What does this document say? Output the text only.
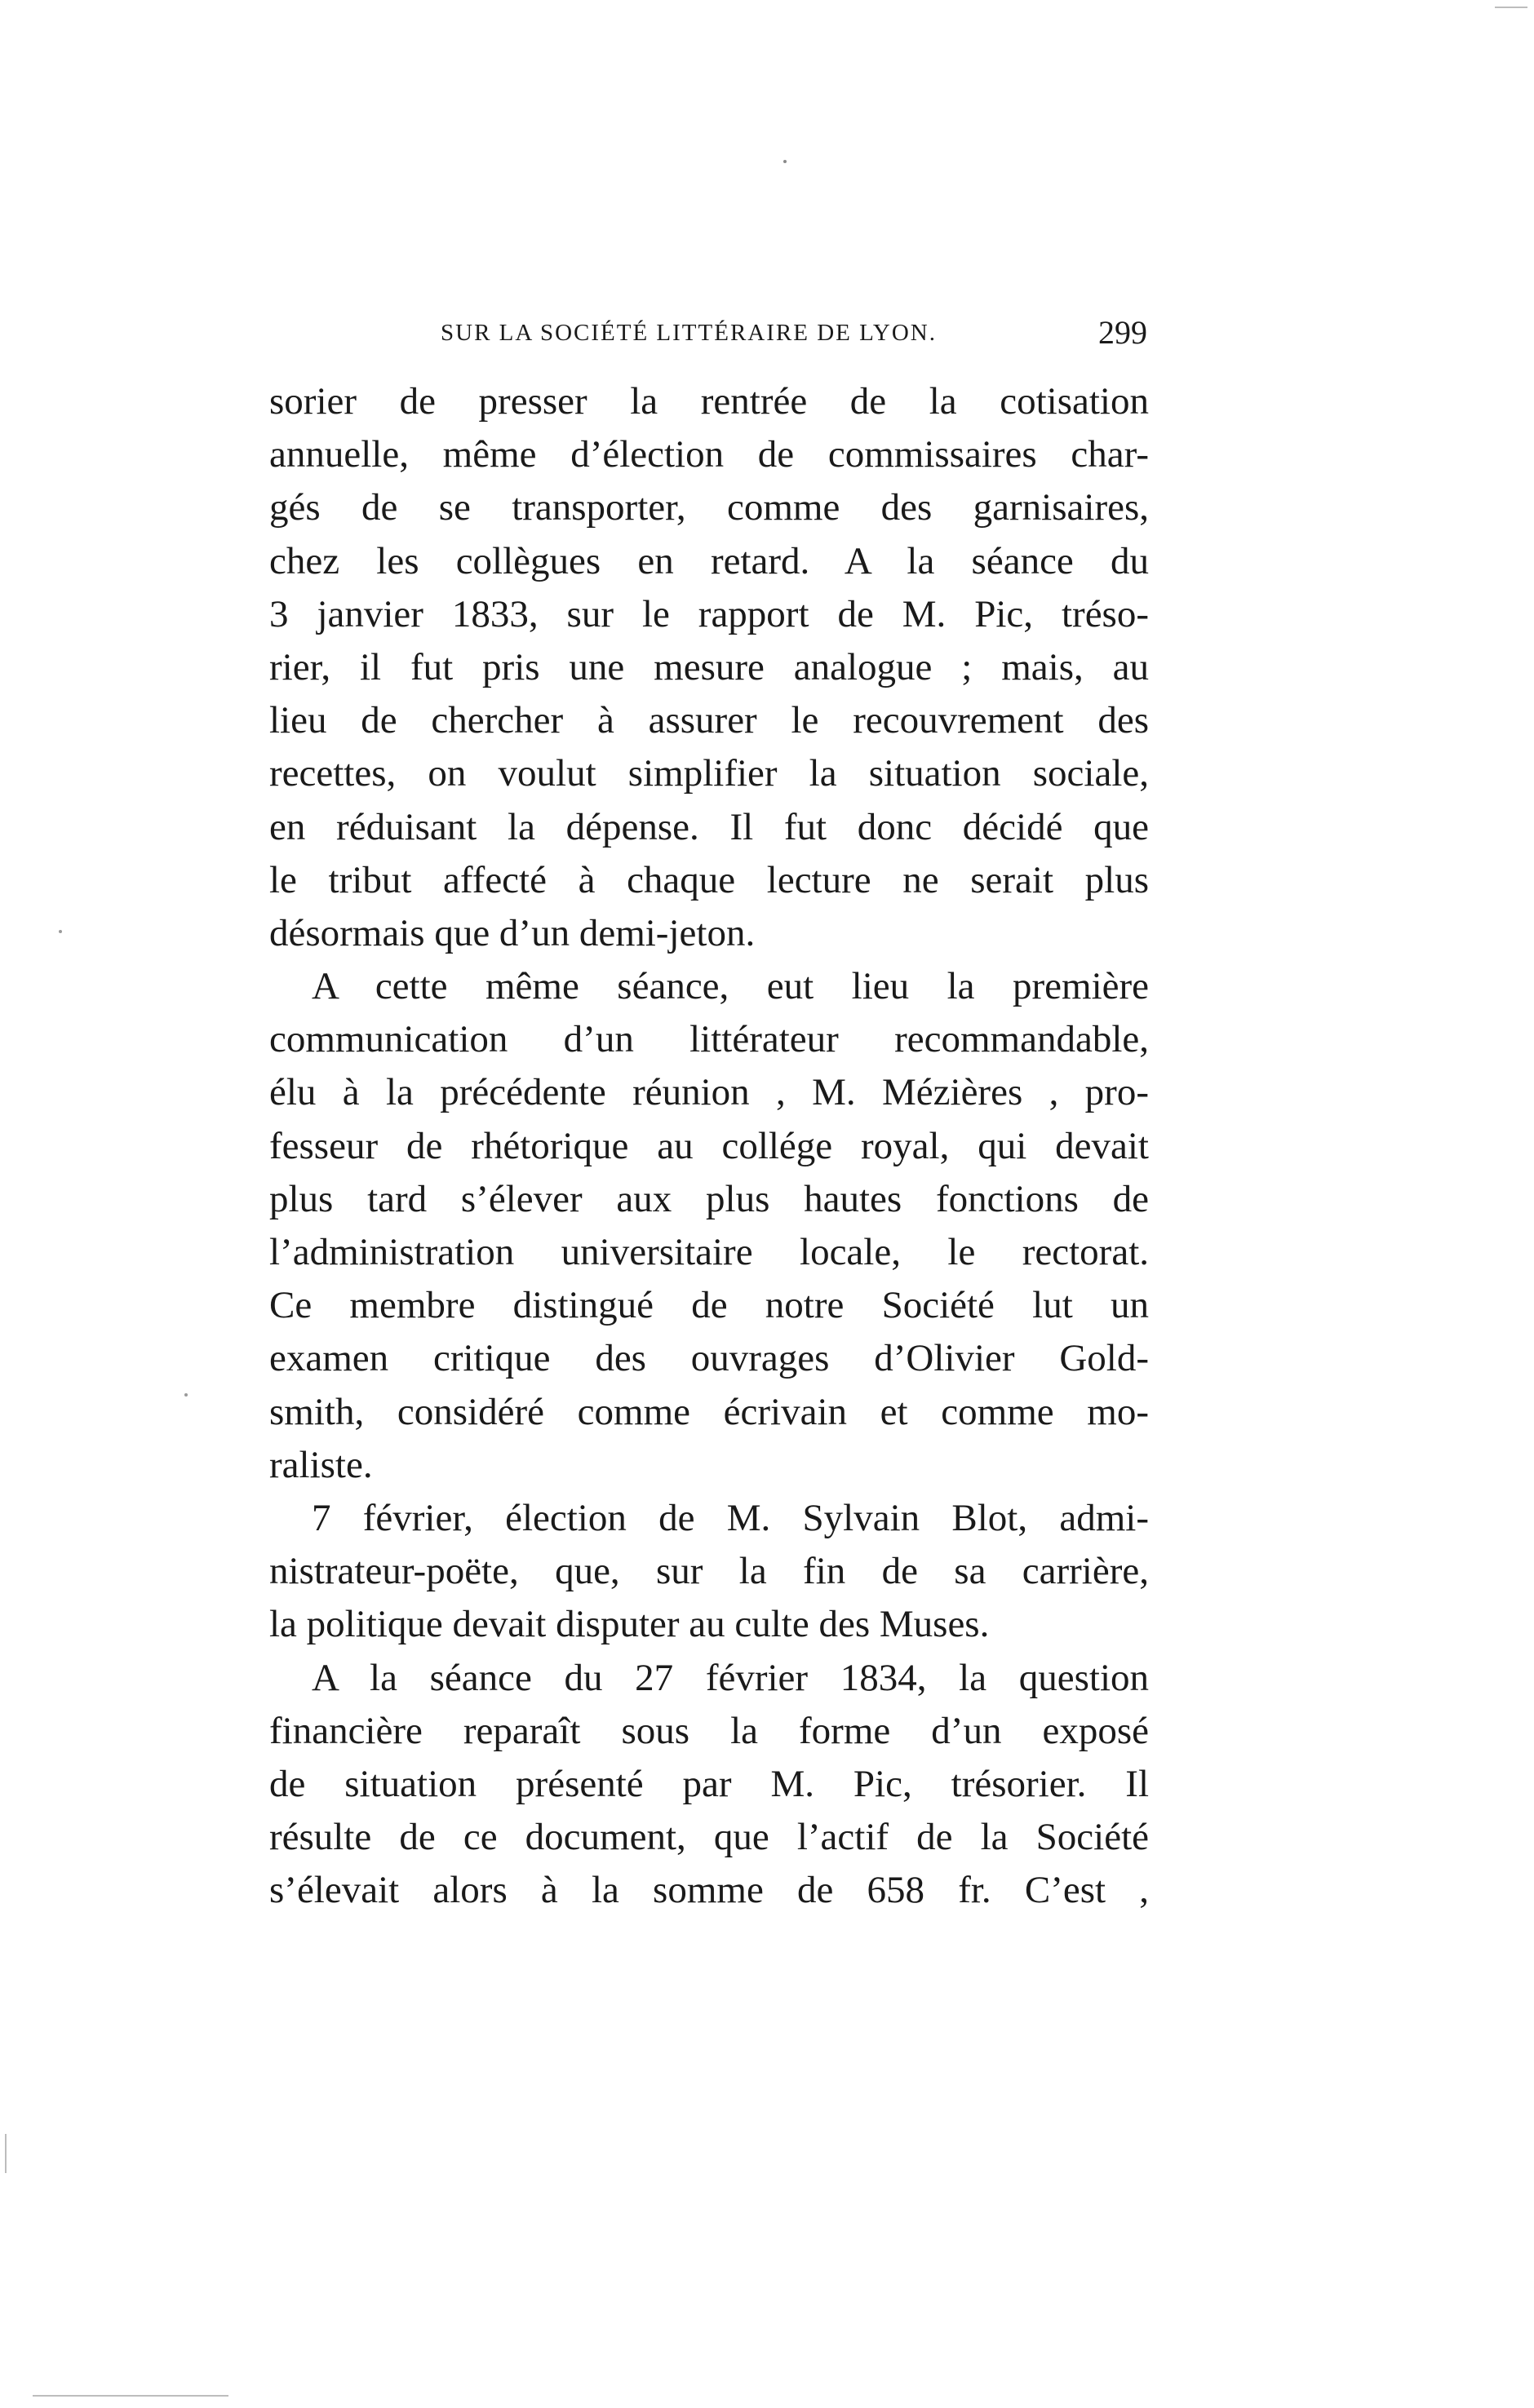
SUR LA SOCIÉTÉ LITTÉRAIRE DE LYON.	299
sorier de presser la rentrée de la cotisation
annuelle, même d’élection de commissaires char-
gés de se transporter, comme des garnisaires,
chez les collègues en retard. A la séance du
3 janvier 1833, sur le rapport de M. Pic, tréso-
rier, il fut pris une mesure analogue ; mais, au
lieu de chercher à assurer le recouvrement des
recettes, on voulut simplifier la situation sociale,
en réduisant la dépense. Il fut donc décidé que
le tribut affecté à chaque lecture ne serait plus
désormais que d’un demi-jeton.
A cette même séance, eut lieu la première
communication d’un littérateur recommandable,
élu à la précédente réunion , M. Mézières , pro-
fesseur de rhétorique au collége royal, qui devait
plus tard s’élever aux plus hautes fonctions de
l’administration universitaire locale, le rectorat.
Ce membre distingué de notre Société lut un
examen critique des ouvrages d’Olivier Gold-
smith, considéré comme écrivain et comme mo-
raliste.
7 février, élection de M. Sylvain Blot, admi-
nistrateur-poëte, que, sur la fin de sa carrière,
la politique devait disputer au culte des Muses.
A la séance du 27 février 1834, la question
financière reparaît sous la forme d’un exposé
de situation présenté par M. Pic, trésorier. Il
résulte de ce document, que l’actif de la Société
s’élevait alors à la somme de 658 fr. C’est ,
